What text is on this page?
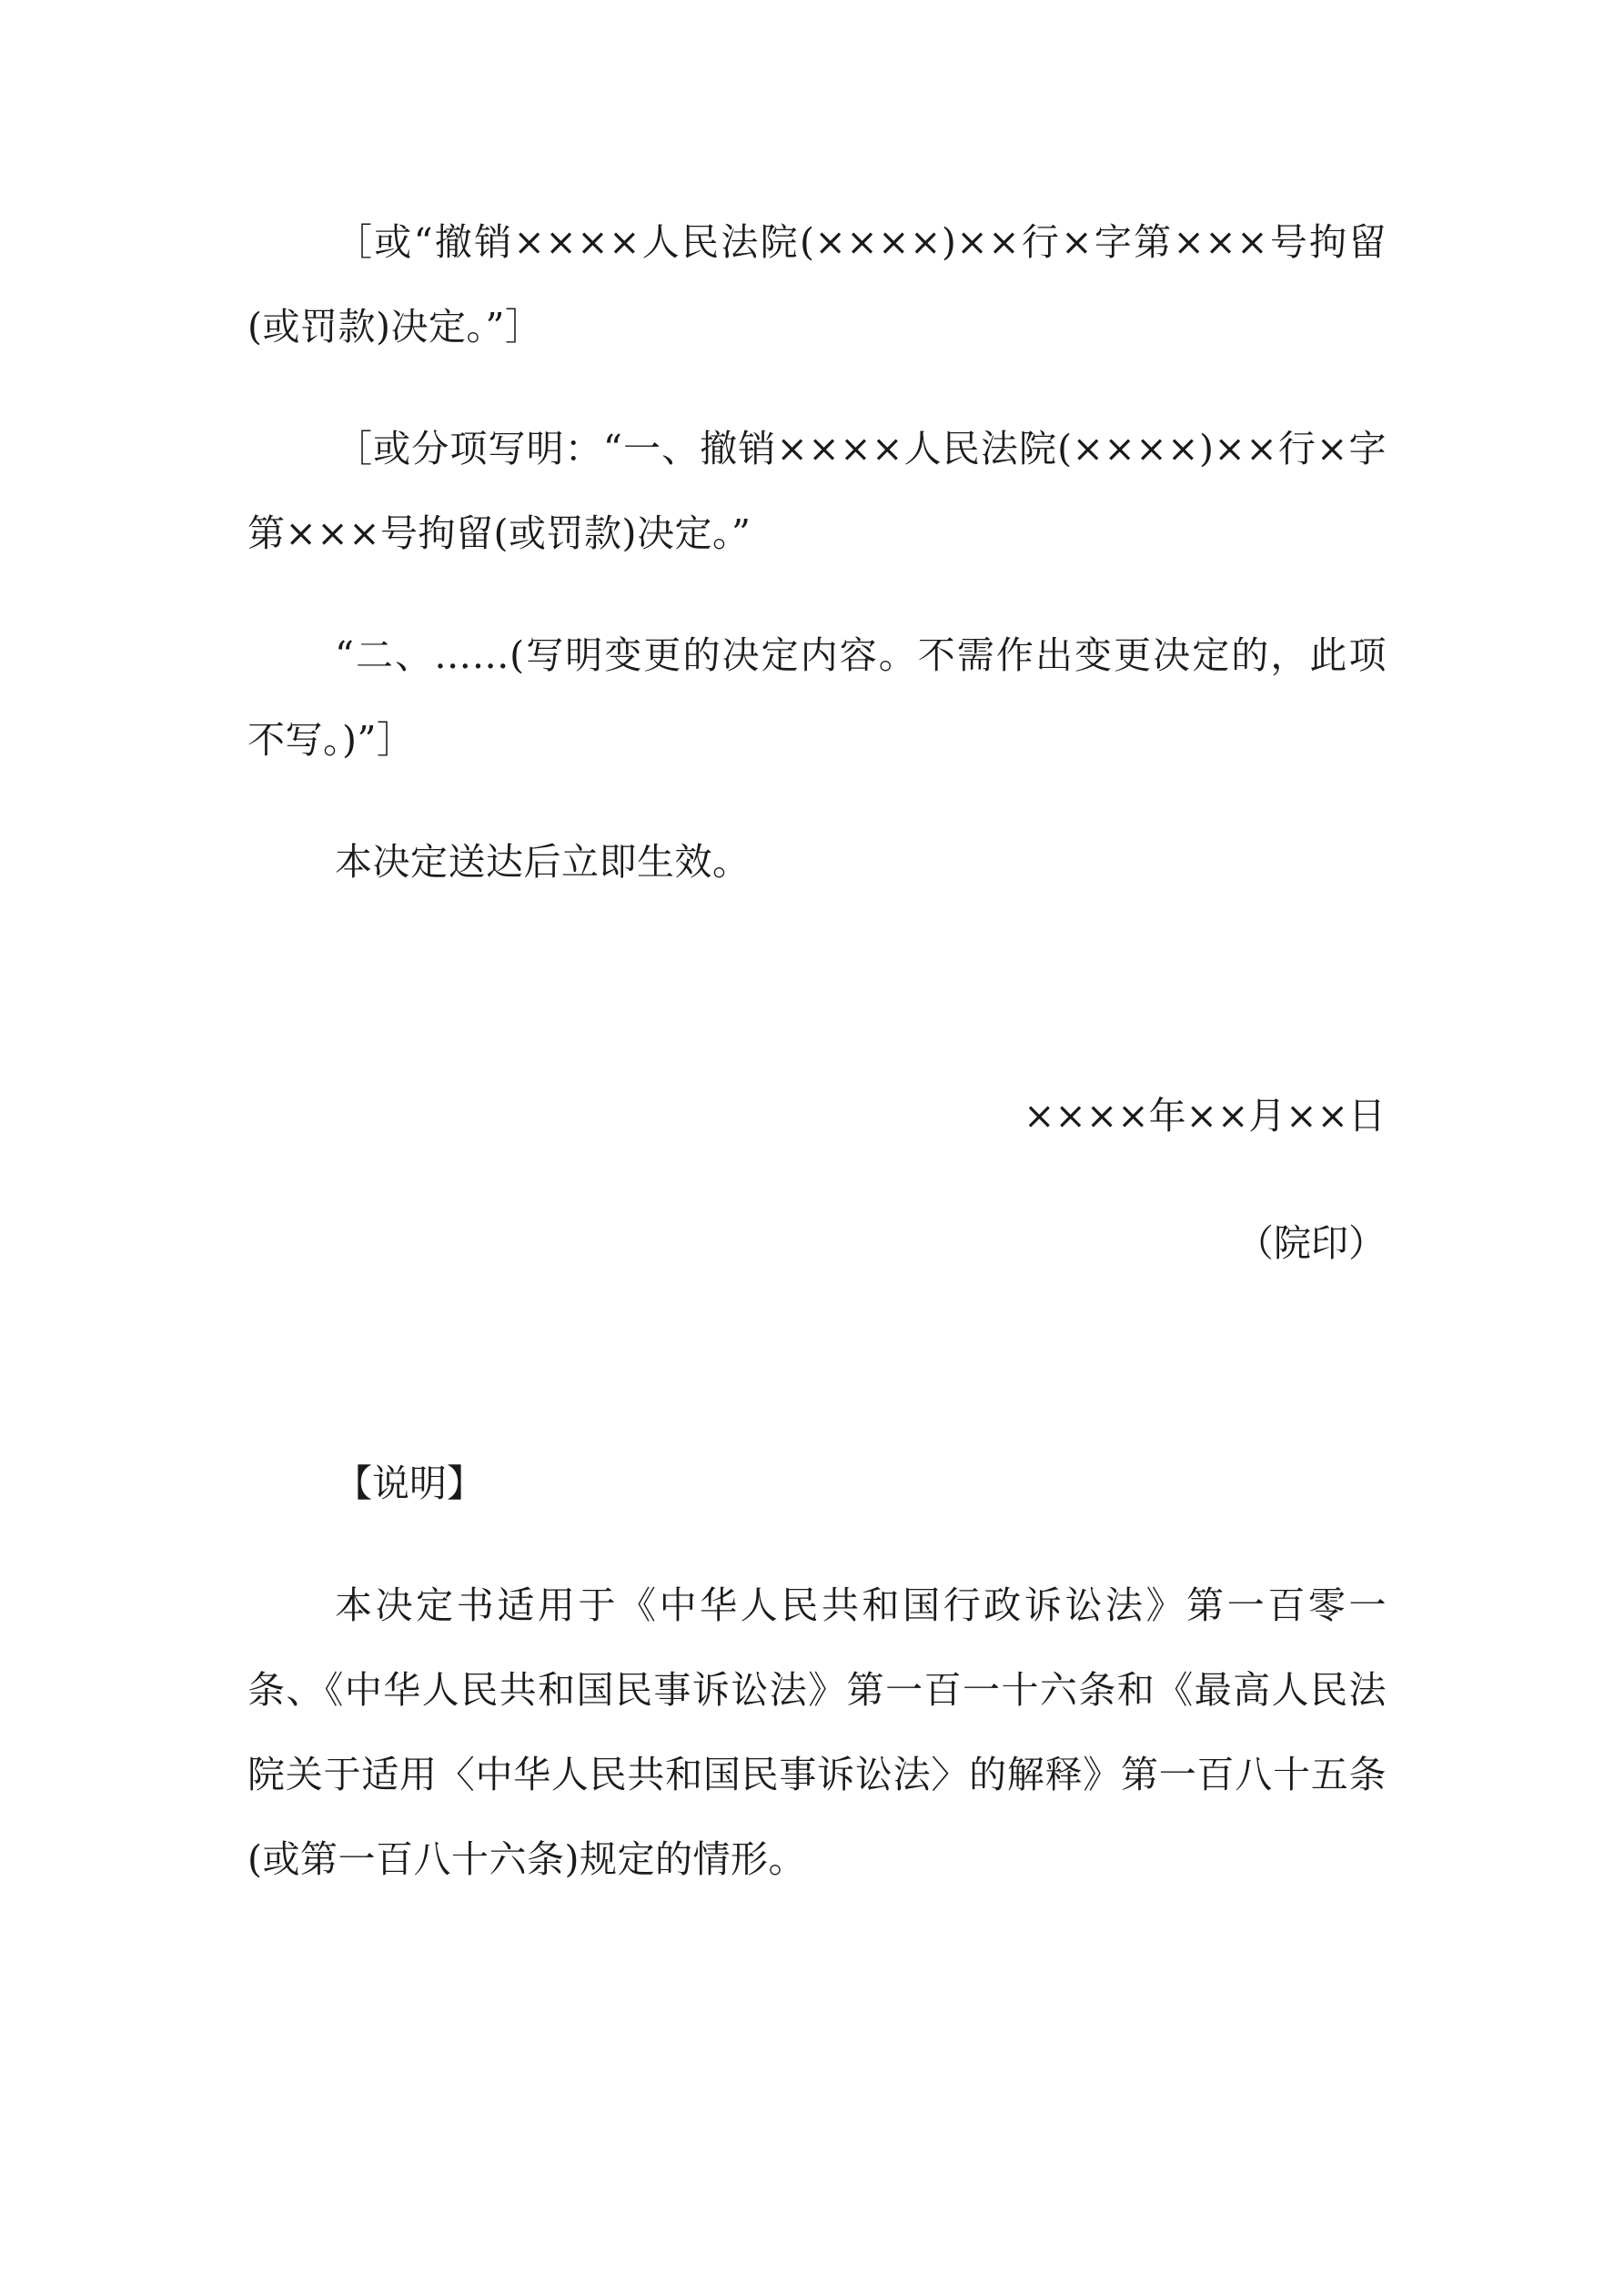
［或“撤销××××人民法院(××××)××行×字第×××号拘留(或罚款)决定。”］

［或分项写明：“一、撤销××××人民法院(××××)××行×字第×××号拘留(或罚款)决定。”

“二、……(写明变更的决定内容。不需作出变更决定的，此项不写。)”］

本决定送达后立即生效。

××××年××月××日

（院印）

【说明】

本决定书适用于《中华人民共和国行政诉讼法》第一百零一条、《中华人民共和国民事诉讼法》第一百一十六条和《最高人民法院关于适用〈中华人民共和国民事诉讼法〉的解释》第一百八十五条(或第一百八十六条)规定的情形。
